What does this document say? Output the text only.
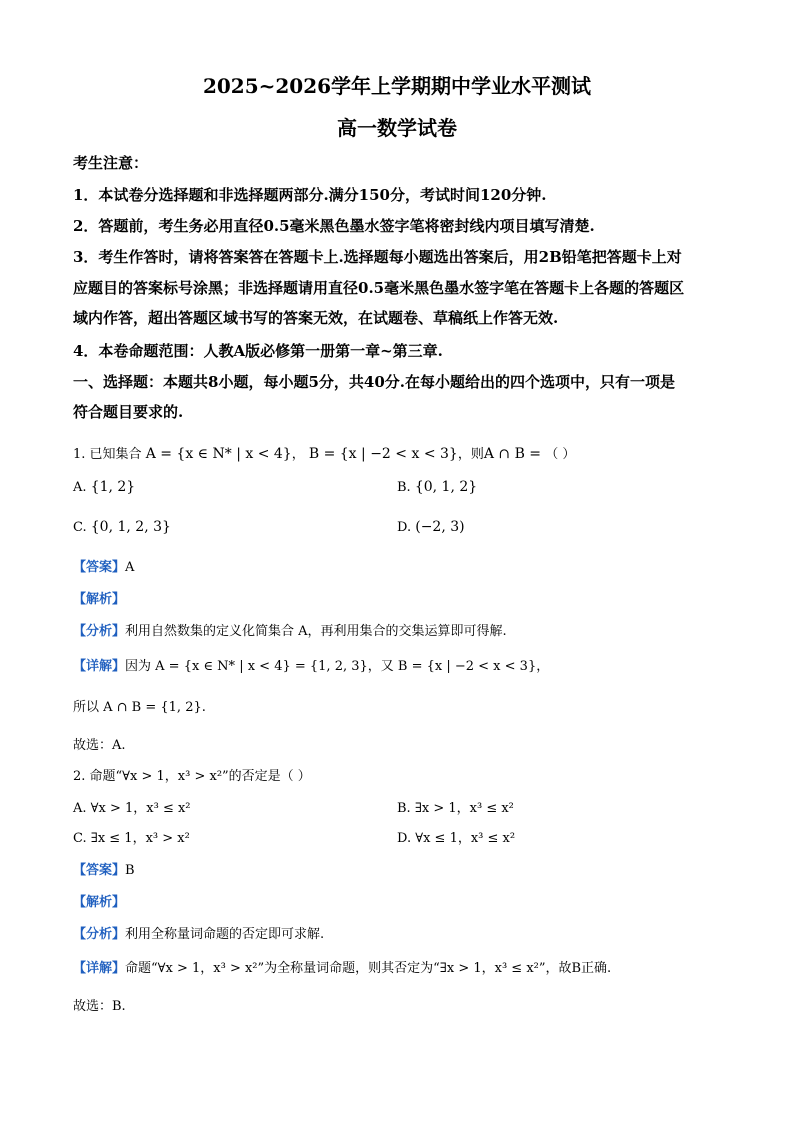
2025~2026学年上学期期中学业水平测试
高一数学试卷
考生注意：
1．本试卷分选择题和非选择题两部分.满分150分，考试时间120分钟.
2．答题前，考生务必用直径0.5毫米黑色墨水签字笔将密封线内项目填写清楚.
3．考生作答时，请将答案答在答题卡上.选择题每小题选出答案后，用2B铅笔把答题卡上对
应题目的答案标号涂黑；非选择题请用直径0.5毫米黑色墨水签字笔在答题卡上各题的答题区
域内作答，超出答题区域书写的答案无效，在试题卷、草稿纸上作答无效.
4．本卷命题范围：人教A版必修第一册第一章~第三章.
一、选择题：本题共8小题，每小题5分，共40分.在每小题给出的四个选项中，只有一项是
符合题目要求的.
1. 已知集合 A = {x ∈ N* | x < 4}， B = {x | −2 < x < 3}，则A ∩ B = （ ）
A. {1, 2}	B. {0, 1, 2}
C. {0, 1, 2, 3}	D. (−2, 3)
【答案】A
【解析】
【分析】利用自然数集的定义化简集合 A，再利用集合的交集运算即可得解.
【详解】因为 A = {x ∈ N* | x < 4} = {1, 2, 3}，又 B = {x | −2 < x < 3}，
所以 A ∩ B = {1, 2}.
故选：A.
2. 命题“∀x > 1，x³ > x²”的否定是（ ）
A. ∀x > 1，x³ ≤ x²	B. ∃x > 1，x³ ≤ x²
C. ∃x ≤ 1，x³ > x²	D. ∀x ≤ 1，x³ ≤ x²
【答案】B
【解析】
【分析】利用全称量词命题的否定即可求解.
【详解】命题“∀x > 1，x³ > x²”为全称量词命题，则其否定为“∃x > 1，x³ ≤ x²”，故B正确.
故选：B.
